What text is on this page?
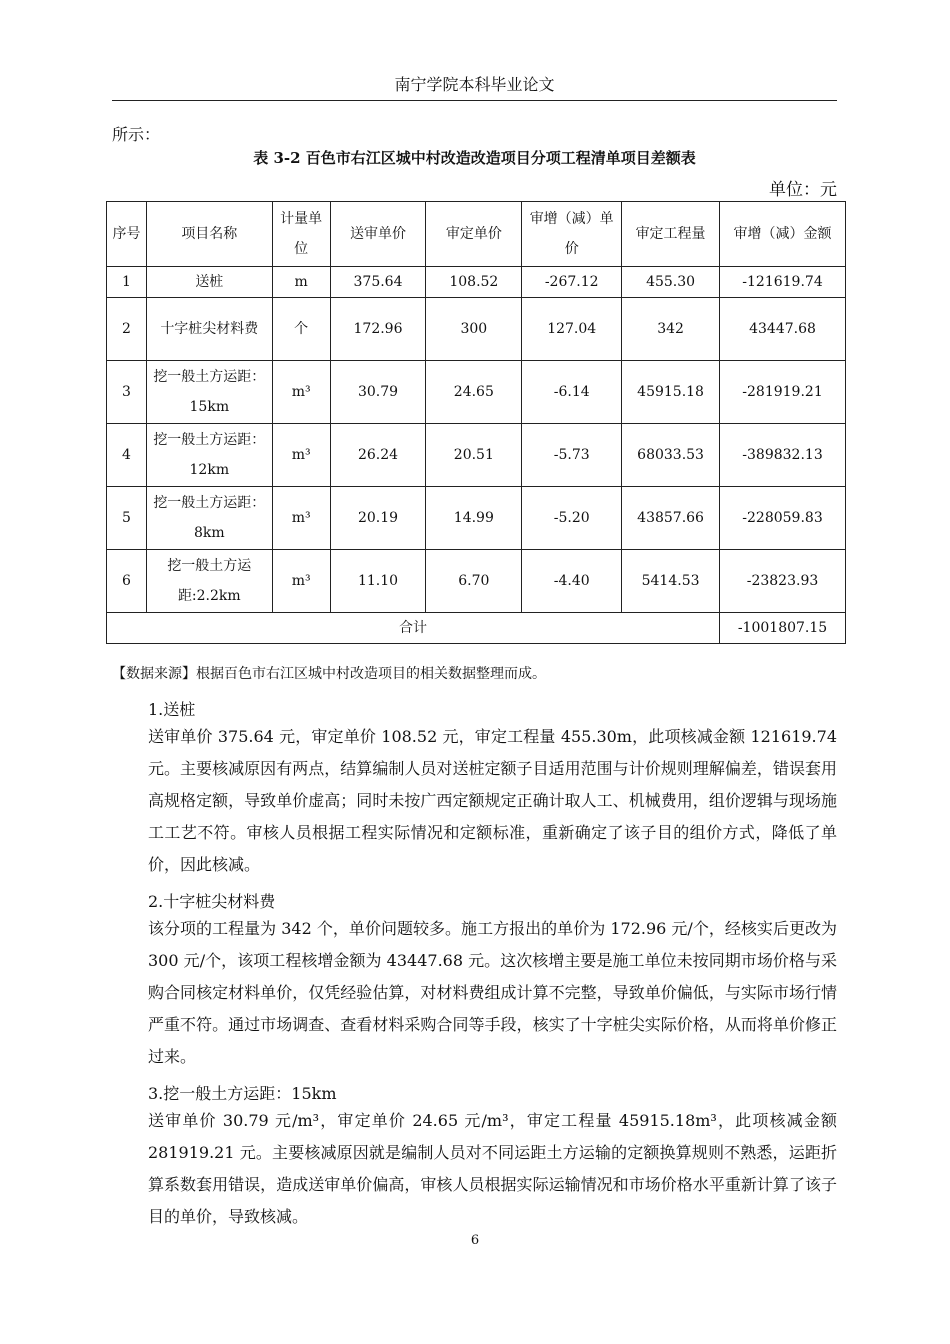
南宁学院本科毕业论文
所示：
表 3-2 百色市右江区城中村改造改造项目分项工程清单项目差额表
单位：元
序号	项目名称	计量单位	送审单价	审定单价	审增（减）单价	审定工程量	审增（减）金额
1	送桩	m	375.64	108.52	-267.12	455.30	-121619.74
2	十字桩尖材料费	个	172.96	300	127.04	342	43447.68
3	挖一般土方运距：15km	m³	30.79	24.65	-6.14	45915.18	-281919.21
4	挖一般土方运距：12km	m³	26.24	20.51	-5.73	68033.53	-389832.13
5	挖一般土方运距：8km	m³	20.19	14.99	-5.20	43857.66	-228059.83
6	挖一般土方运距:2.2km	m³	11.10	6.70	-4.40	5414.53	-23823.93
合计							-1001807.15
【数据来源】根据百色市右江区城中村改造项目的相关数据整理而成。
1.送桩
送审单价 375.64 元，审定单价 108.52 元，审定工程量 455.30m，此项核减金额 121619.74 元。主要核减原因有两点，结算编制人员对送桩定额子目适用范围与计价规则理解偏差，错误套用高规格定额，导致单价虚高；同时未按广西定额规定正确计取人工、机械费用，组价逻辑与现场施工工艺不符。审核人员根据工程实际情况和定额标准，重新确定了该子目的组价方式，降低了单价，因此核减。
2.十字桩尖材料费
该分项的工程量为 342 个，单价问题较多。施工方报出的单价为 172.96 元/个，经核实后更改为 300 元/个，该项工程核增金额为 43447.68 元。这次核增主要是施工单位未按同期市场价格与采购合同核定材料单价，仅凭经验估算，对材料费组成计算不完整，导致单价偏低，与实际市场行情严重不符。通过市场调查、查看材料采购合同等手段，核实了十字桩尖实际价格，从而将单价修正过来。
3.挖一般土方运距：15km
送审单价 30.79 元/m³，审定单价 24.65 元/m³，审定工程量 45915.18m³，此项核减金额 281919.21 元。主要核减原因就是编制人员对不同运距土方运输的定额换算规则不熟悉，运距折算系数套用错误，造成送审单价偏高，审核人员根据实际运输情况和市场价格水平重新计算了该子目的单价，导致核减。
6
